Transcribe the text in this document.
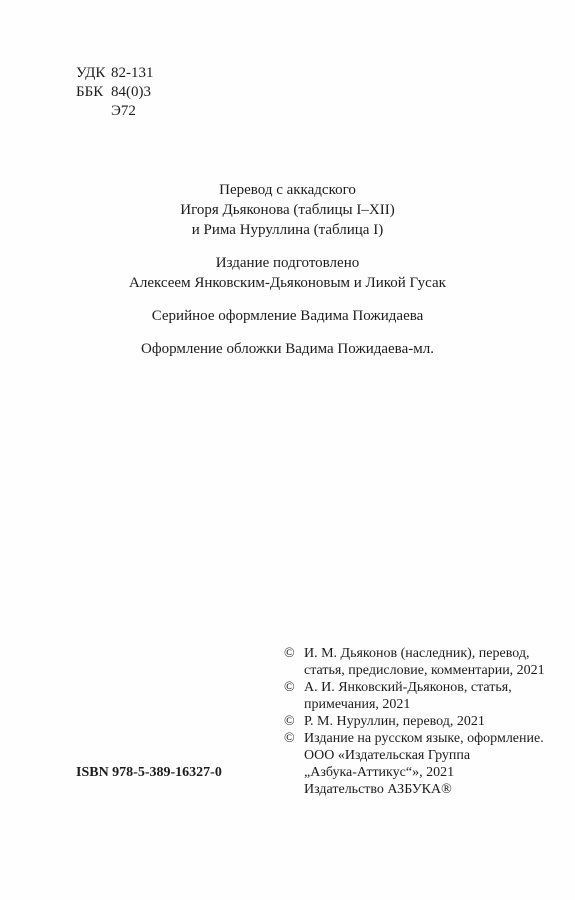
УДК 82-131
ББК 84(0)3
Э72
Перевод с аккадского
Игоря Дьяконова (таблицы I–XII)
и Рима Нуруллина (таблица I)
Издание подготовлено
Алексеем Янковским-Дьяконовым и Ликой Гусак
Серийное оформление Вадима Пожидаева
Оформление обложки Вадима Пожидаева-мл.
© И. М. Дьяконов (наследник), перевод,
статья, предисловие, комментарии, 2021
© А. И. Янковский-Дьяконов, статья,
примечания, 2021
© Р. М. Нуруллин, перевод, 2021
© Издание на русском языке, оформление.
ООО «Издательская Группа
„Азбука-Аттикус“», 2021
Издательство АЗБУКА®
ISBN 978-5-389-16327-0
